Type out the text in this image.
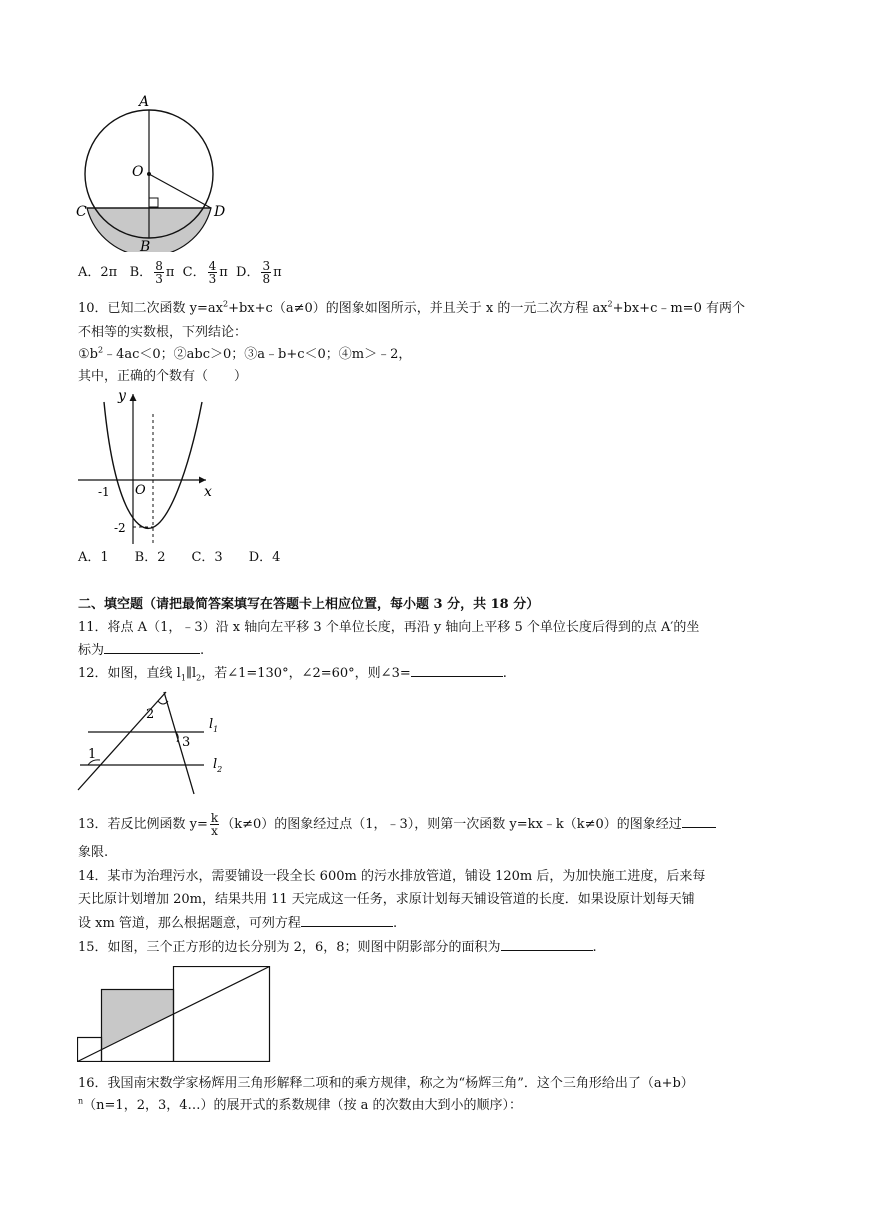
A
O
C	D
B
A．2π B． $\frac{8}{3}$ π C． $\frac{4}{3}$ π D． $\frac{3}{8}$ π
10．已知二次函数 $y=ax^2+bx+c(a\ne 0)$的图象如图所示，并且关于 x 的一元二次方程 $ax^2+bx+c﹣m=0$ 有两个
不相等的实数根，下列结论：
$①b^2﹣4ac<0$；②abc＞0；③a﹣b+c＜0；④m＞﹣2，
其中，正确的个数有（　　）
y
x
O
-1
-2
A．1　　B．2　　C．3　　D．4
二、填空题（请把最简答案填写在答题卡上相应位置，每小题 3 分，共 18 分）
11．将点 A（1，﹣3）沿 x 轴向左平移 3 个单位长度，再沿 y 轴向上平移 5 个单位长度后得到的点 A′的坐
标为	.
12．如图，直线 $l_1\parallel l_2$，若∠1=130°，∠2=60°，则∠3=	.
1
2
3
$l_1$
$l_2$
13．若反比例函数 $y= \frac{k}{x} (k\ne 0)$的图象经过点（1，﹣3），则第一次函数 y=kx﹣k（k≠0）的图象经过
象限.
14．某市为治理污水，需要铺设一段全长 600m 的污水排放管道，铺设 120m 后，为加快施工进度，后来每
天比原计划增加 20m，结果共用 11 天完成这一任务，求原计划每天铺设管道的长度．如果设原计划每天铺
设 xm 管道，那么根据题意，可列方程	.
15．如图，三个正方形的边长分别为 2，6，8；则图中阴影部分的面积为	.
16．我国南宋数学家杨辉用三角形解释二项和的乘方规律，称之为“杨辉三角”．这个三角形给出了（a+b）
$^n$（n=1，2，3，4…）的展开式的系数规律（按 a 的次数由大到小的顺序）：
